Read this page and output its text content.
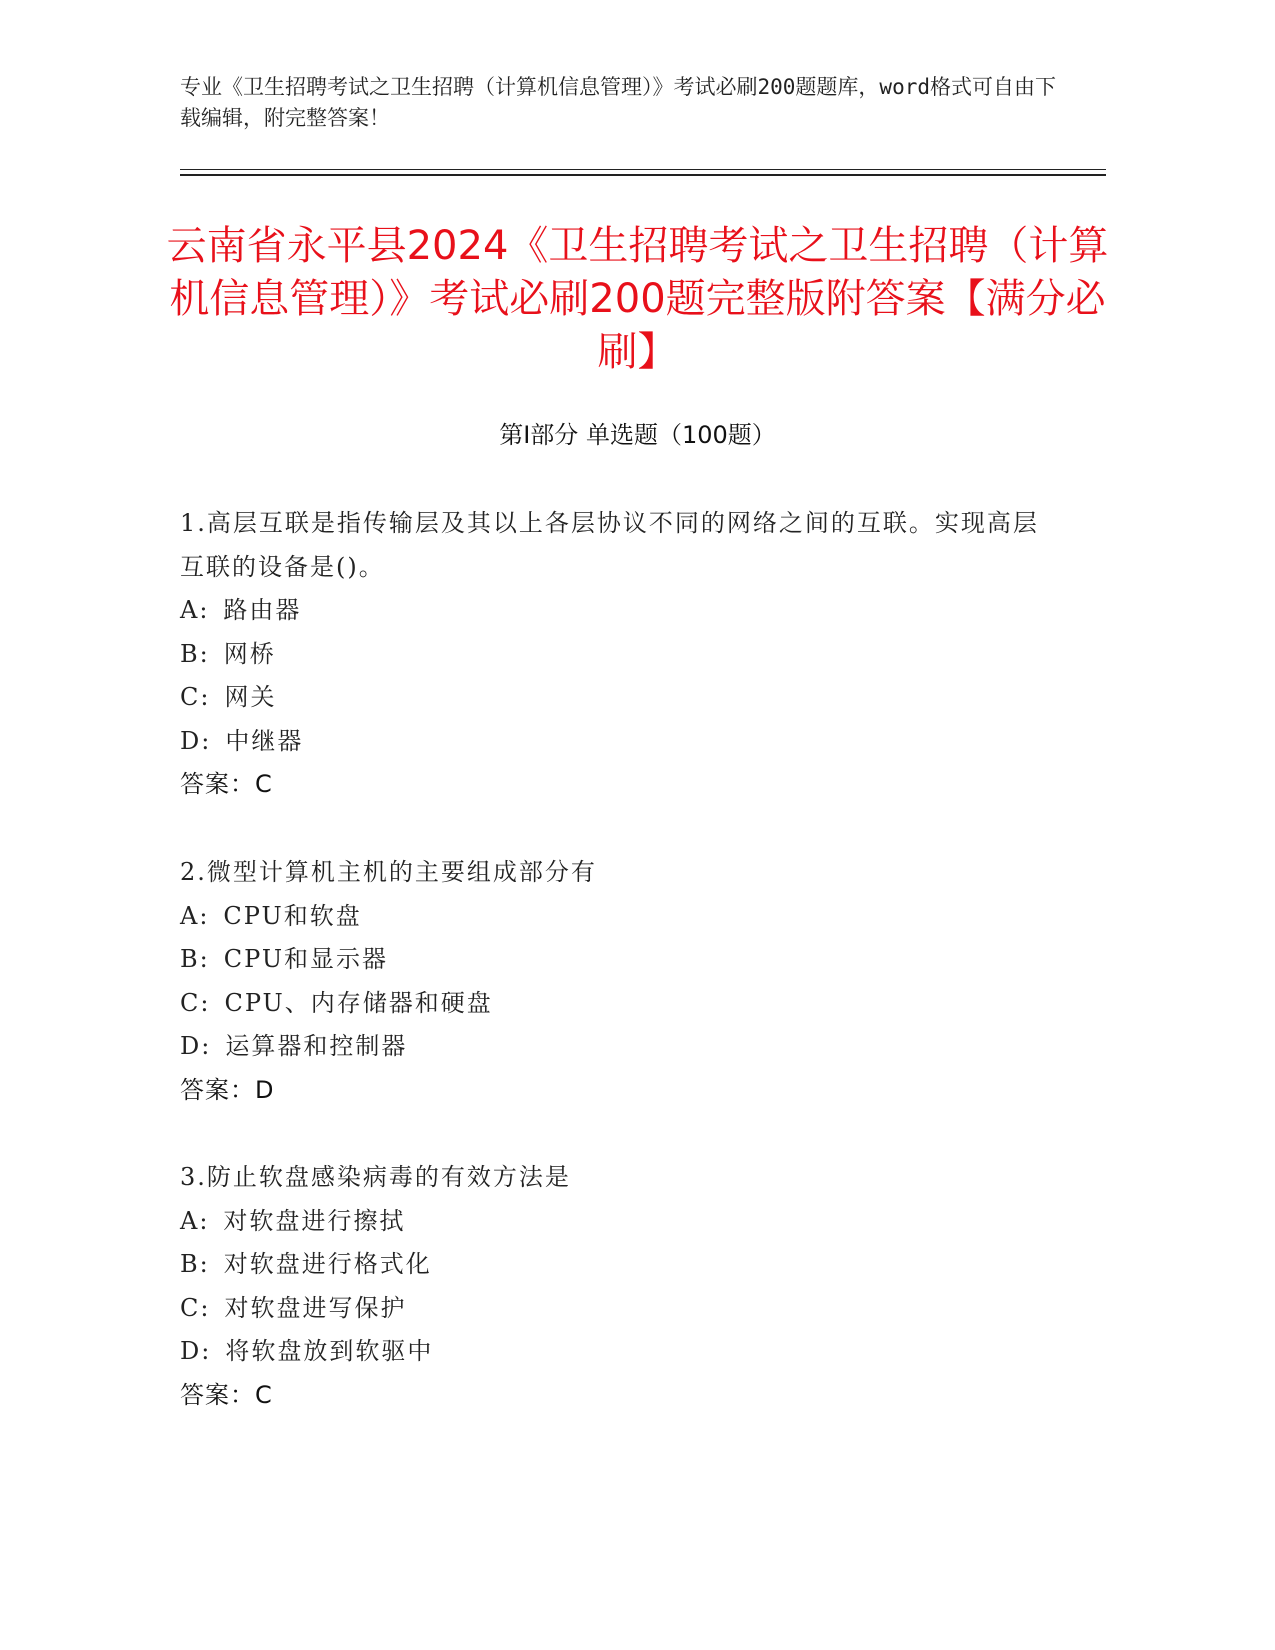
专业《卫生招聘考试之卫生招聘（计算机信息管理）》考试必刷200题题库，word格式可自由下载编辑，附完整答案！
云南省永平县2024《卫生招聘考试之卫生招聘（计算机信息管理）》考试必刷200题完整版附答案【满分必刷】
第Ⅰ部分 单选题（100题）
1.高层互联是指传输层及其以上各层协议不同的网络之间的互联。实现高层互联的设备是()。
A: 路由器
B: 网桥
C: 网关
D: 中继器
答案：C
2.微型计算机主机的主要组成部分有
A: CPU和软盘
B: CPU和显示器
C: CPU、内存储器和硬盘
D: 运算器和控制器
答案：D
3.防止软盘感染病毒的有效方法是
A: 对软盘进行擦拭
B: 对软盘进行格式化
C: 对软盘进写保护
D: 将软盘放到软驱中
答案：C
